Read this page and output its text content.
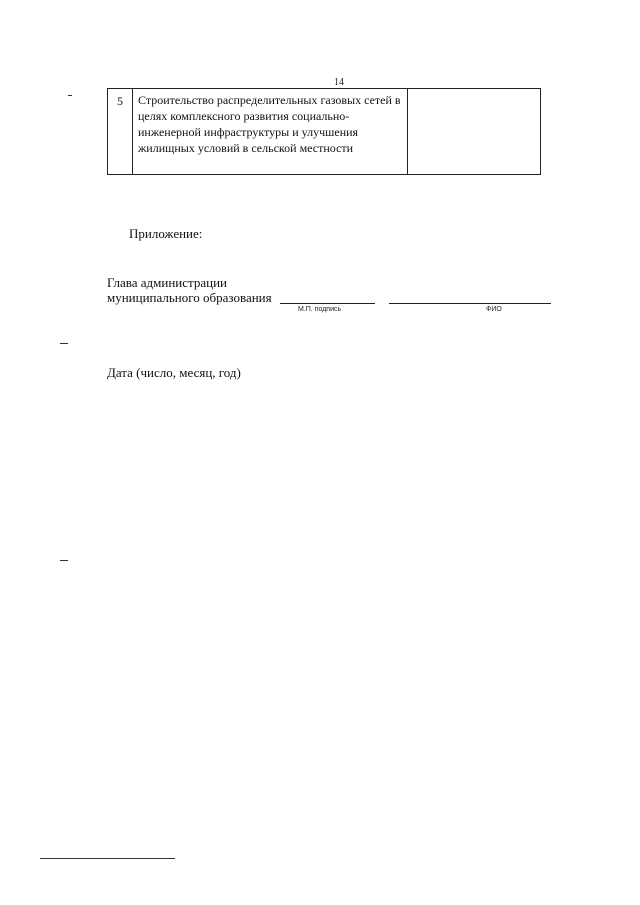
14
5	Строительство распределительных газовых сетей в целях комплексного развития социально-инженерной инфраструктуры и улучшения жилищных условий в сельской местности
Приложение:
Глава администрации
муниципального образования
М.П. подпись	ФИО
Дата (число, месяц, год)
